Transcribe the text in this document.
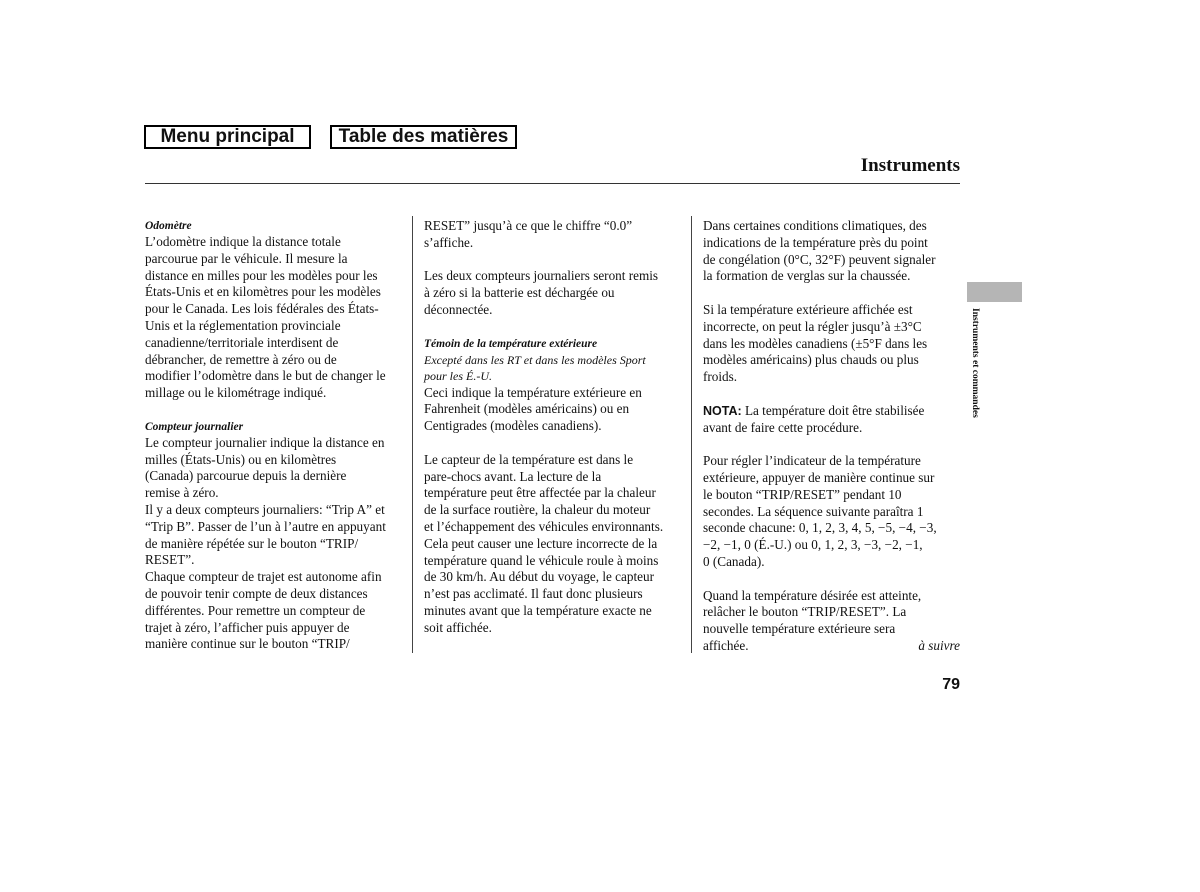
Menu principal	Table des matières
Instruments

Odomètre

L’odomètre indique la distance totale
parcourue par le véhicule. Il mesure la
distance en milles pour les modèles pour les
États-Unis et en kilomètres pour les modèles
pour le Canada. Les lois fédérales des États-
Unis et la réglementation provinciale
canadienne/territoriale interdisent de
débrancher, de remettre à zéro ou de
modifier l’odomètre dans le but de changer le
millage ou le kilométrage indiqué.

Compteur journalier

Le compteur journalier indique la distance en
milles (États-Unis) ou en kilomètres
(Canada) parcourue depuis la dernière
remise à zéro.
Il y a deux compteurs journaliers: “Trip A” et
“Trip B”. Passer de l’un à l’autre en appuyant
de manière répétée sur le bouton “TRIP/
RESET”.
Chaque compteur de trajet est autonome afin
de pouvoir tenir compte de deux distances
différentes. Pour remettre un compteur de
trajet à zéro, l’afficher puis appuyer de
manière continue sur le bouton “TRIP/
RESET” jusqu’à ce que le chiffre “0.0”
s’affiche.
Les deux compteurs journaliers seront remis
à zéro si la batterie est déchargée ou
déconnectée.

Témoin de la température extérieure

Excepté dans les RT et dans les modèles Sport
pour les É.-U.
Ceci indique la température extérieure en
Fahrenheit (modèles américains) ou en
Centigrades (modèles canadiens).
Le capteur de la température est dans le
pare-chocs avant. La lecture de la
température peut être affectée par la chaleur
de la surface routière, la chaleur du moteur
et l’échappement des véhicules environnants.
Cela peut causer une lecture incorrecte de la
température quand le véhicule roule à moins
de 30 km/h. Au début du voyage, le capteur
n’est pas acclimaté. Il faut donc plusieurs
minutes avant que la température exacte ne
soit affichée.
Dans certaines conditions climatiques, des
indications de la température près du point
de congélation (0°C, 32°F) peuvent signaler
la formation de verglas sur la chaussée.
Si la température extérieure affichée est
incorrecte, on peut la régler jusqu’à ±3°C
dans les modèles canadiens (±5°F dans les
modèles américains) plus chauds ou plus
froids.

NOTA: La température doit être stabilisée

avant de faire cette procédure.

Pour régler l’indicateur de la température
extérieure, appuyer de manière continue sur
le bouton “TRIP/RESET” pendant 10
secondes. La séquence suivante paraîtra 1
seconde chacune: 0, 1, 2, 3, 4, 5, −5, −4, −3,
−2, −1, 0 (É.-U.) ou 0, 1, 2, 3, −3, −2, −1,
0 (Canada).
Quand la température désirée est atteinte,
relâcher le bouton “TRIP/RESET”. La
nouvelle température extérieure sera

affichée.	à suivre

Instruments et commandes
79
